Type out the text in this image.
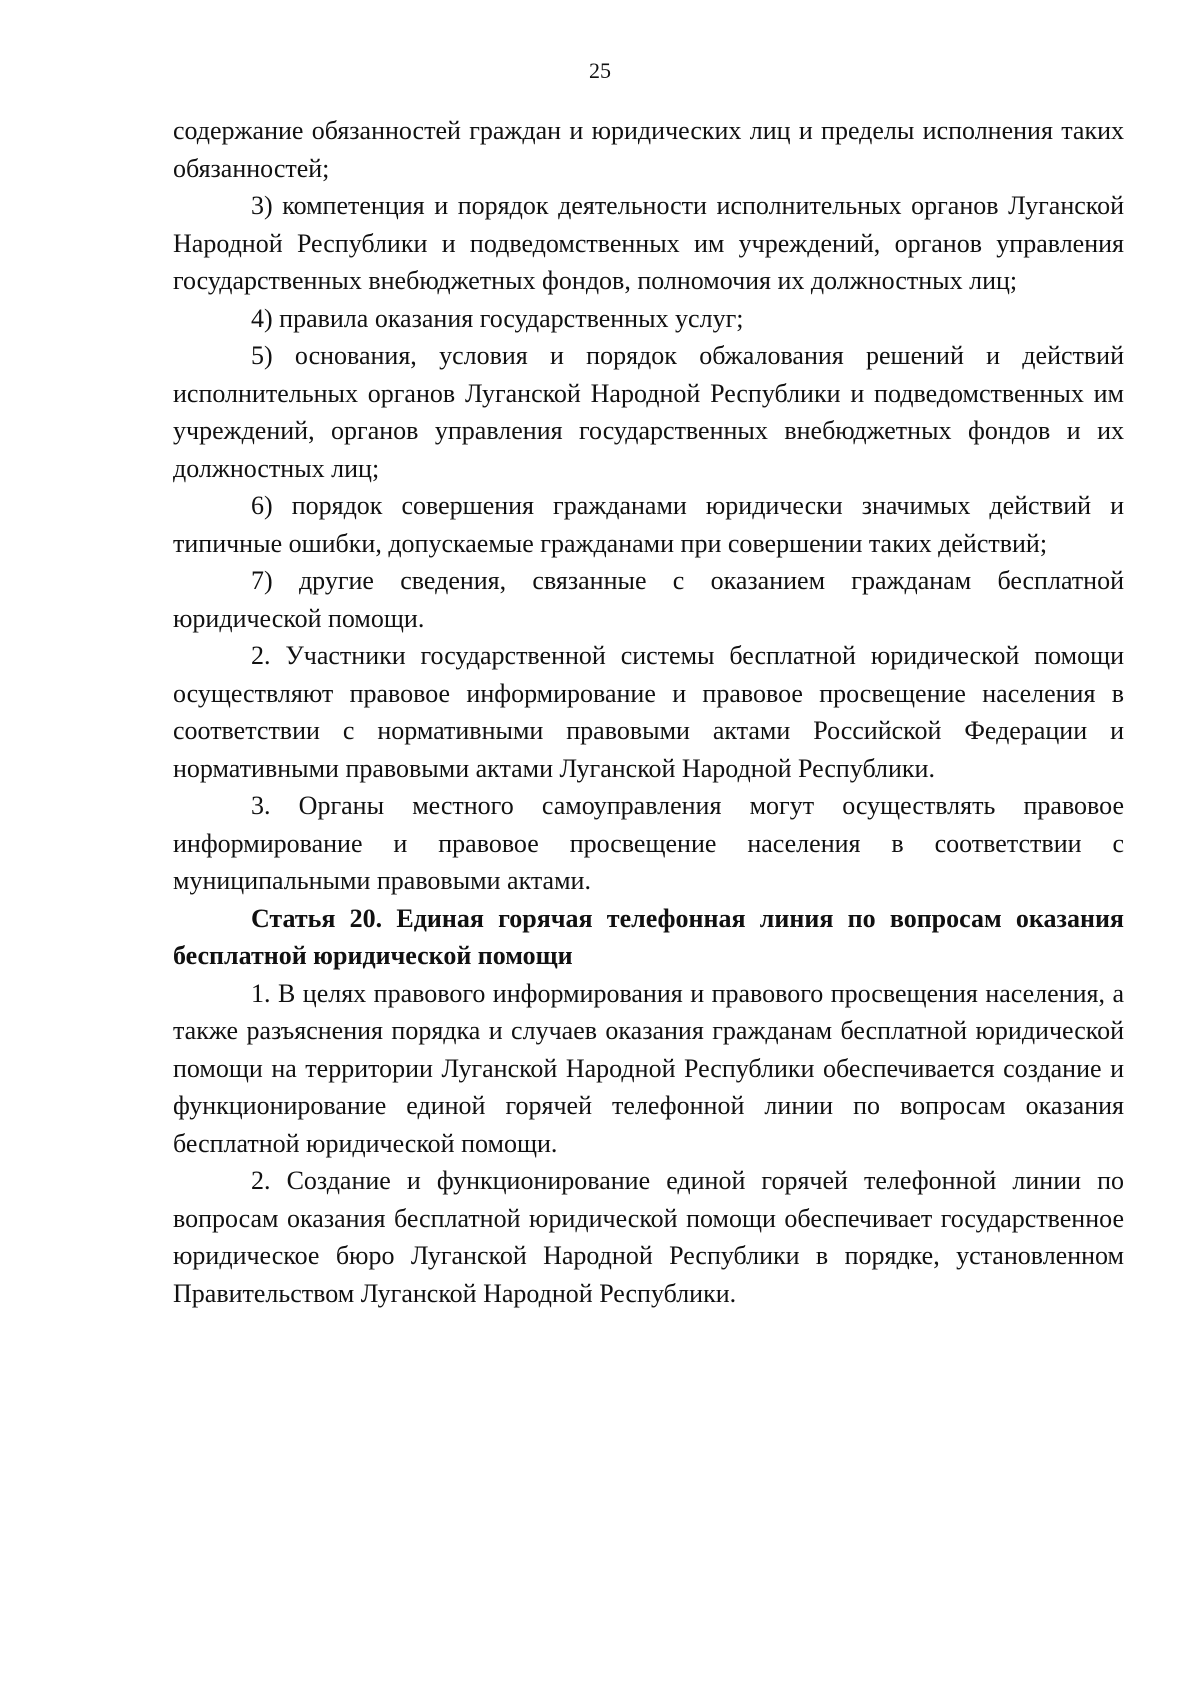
25

содержание обязанностей граждан и юридических лиц и пределы исполнения таких обязанностей;

3) компетенция и порядок деятельности исполнительных органов Луганской Народной Республики и подведомственных им учреждений, органов управления государственных внебюджетных фондов, полномочия их должностных лиц;

4) правила оказания государственных услуг;

5) основания, условия и порядок обжалования решений и действий исполнительных органов Луганской Народной Республики и подведомственных им учреждений, органов управления государственных внебюджетных фондов и их должностных лиц;

6) порядок совершения гражданами юридически значимых действий и типичные ошибки, допускаемые гражданами при совершении таких действий;

7) другие сведения, связанные с оказанием гражданам бесплатной юридической помощи.

2. Участники государственной системы бесплатной юридической помощи осуществляют правовое информирование и правовое просвещение населения в соответствии с нормативными правовыми актами Российской Федерации и нормативными правовыми актами Луганской Народной Республики.

3. Органы местного самоуправления могут осуществлять правовое информирование и правовое просвещение населения в соответствии с муниципальными правовыми актами.

Статья 20. Единая горячая телефонная линия по вопросам оказания бесплатной юридической помощи

1. В целях правового информирования и правового просвещения населения, а также разъяснения порядка и случаев оказания гражданам бесплатной юридической помощи на территории Луганской Народной Республики обеспечивается создание и функционирование единой горячей телефонной линии по вопросам оказания бесплатной юридической помощи.

2. Создание и функционирование единой горячей телефонной линии по вопросам оказания бесплатной юридической помощи обеспечивает государственное юридическое бюро Луганской Народной Республики в порядке, установленном Правительством Луганской Народной Республики.
